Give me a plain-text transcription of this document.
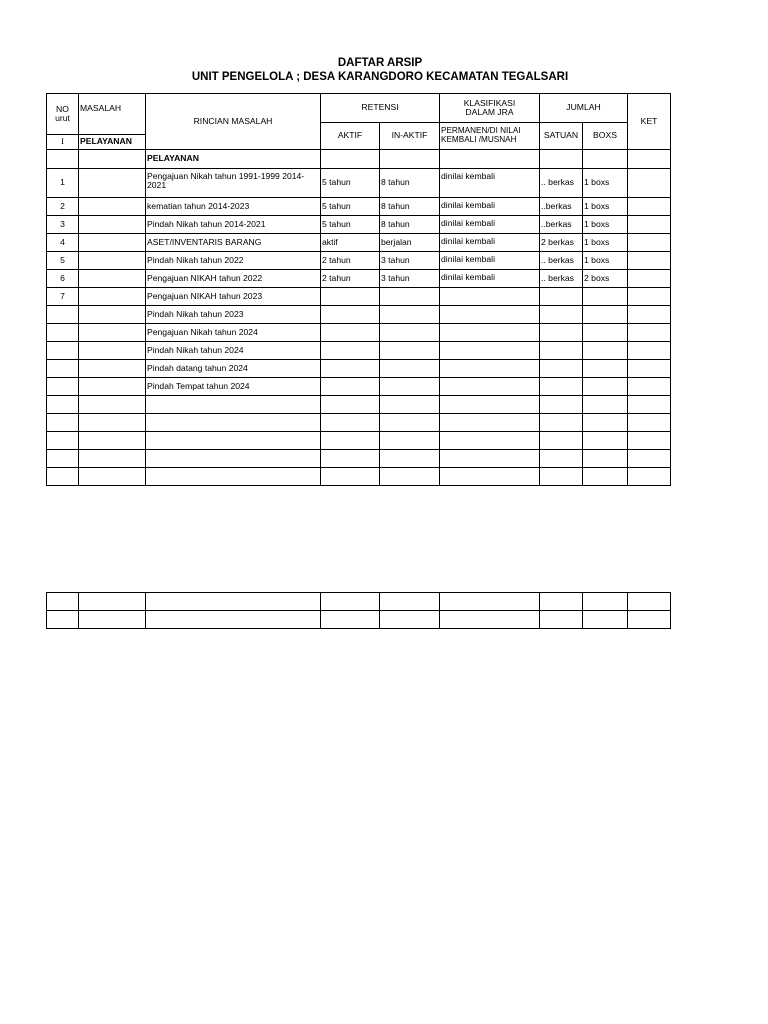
DAFTAR ARSIP
UNIT PENGELOLA ; DESA KARANGDORO KECAMATAN TEGALSARI
NO urut	MASALAH	RINCIAN MASALAH	RETENSI		KLASIFIKASI DALAM JRA	JUMLAH		KET
			AKTIF	IN-AKTIF	PERMANEN/DI NILAI KEMBALI /MUSNAH	SATUAN	BOXS	
I	PELAYANAN							
		PELAYANAN						
1		Pengajuan Nikah tahun 1991-1999 2014-2021	5 tahun	8 tahun	dinilai kembali	.. berkas	1 boxs	
2		kematian tahun 2014-2023	5 tahun	8 tahun	dinilai kembali	..berkas	1 boxs	
3		Pindah Nikah tahun 2014-2021	5 tahun	8 tahun	dinilai kembali	..berkas	1 boxs	
4		ASET/INVENTARIS BARANG	aktif	berjalan	dinilai kembali	2 berkas	1 boxs	
5		Pindah Nikah tahun 2022	2 tahun	3 tahun	dinilai kembali	.. berkas	1 boxs	
6		Pengajuan NIKAH tahun 2022	2 tahun	3 tahun	dinilai kembali	.. berkas	2 boxs	
7		Pengajuan NIKAH tahun 2023						
		Pindah Nikah tahun 2023						
		Pengajuan Nikah tahun 2024						
		Pindah Nikah tahun 2024						
		Pindah datang tahun 2024						
		Pindah Tempat tahun 2024						
